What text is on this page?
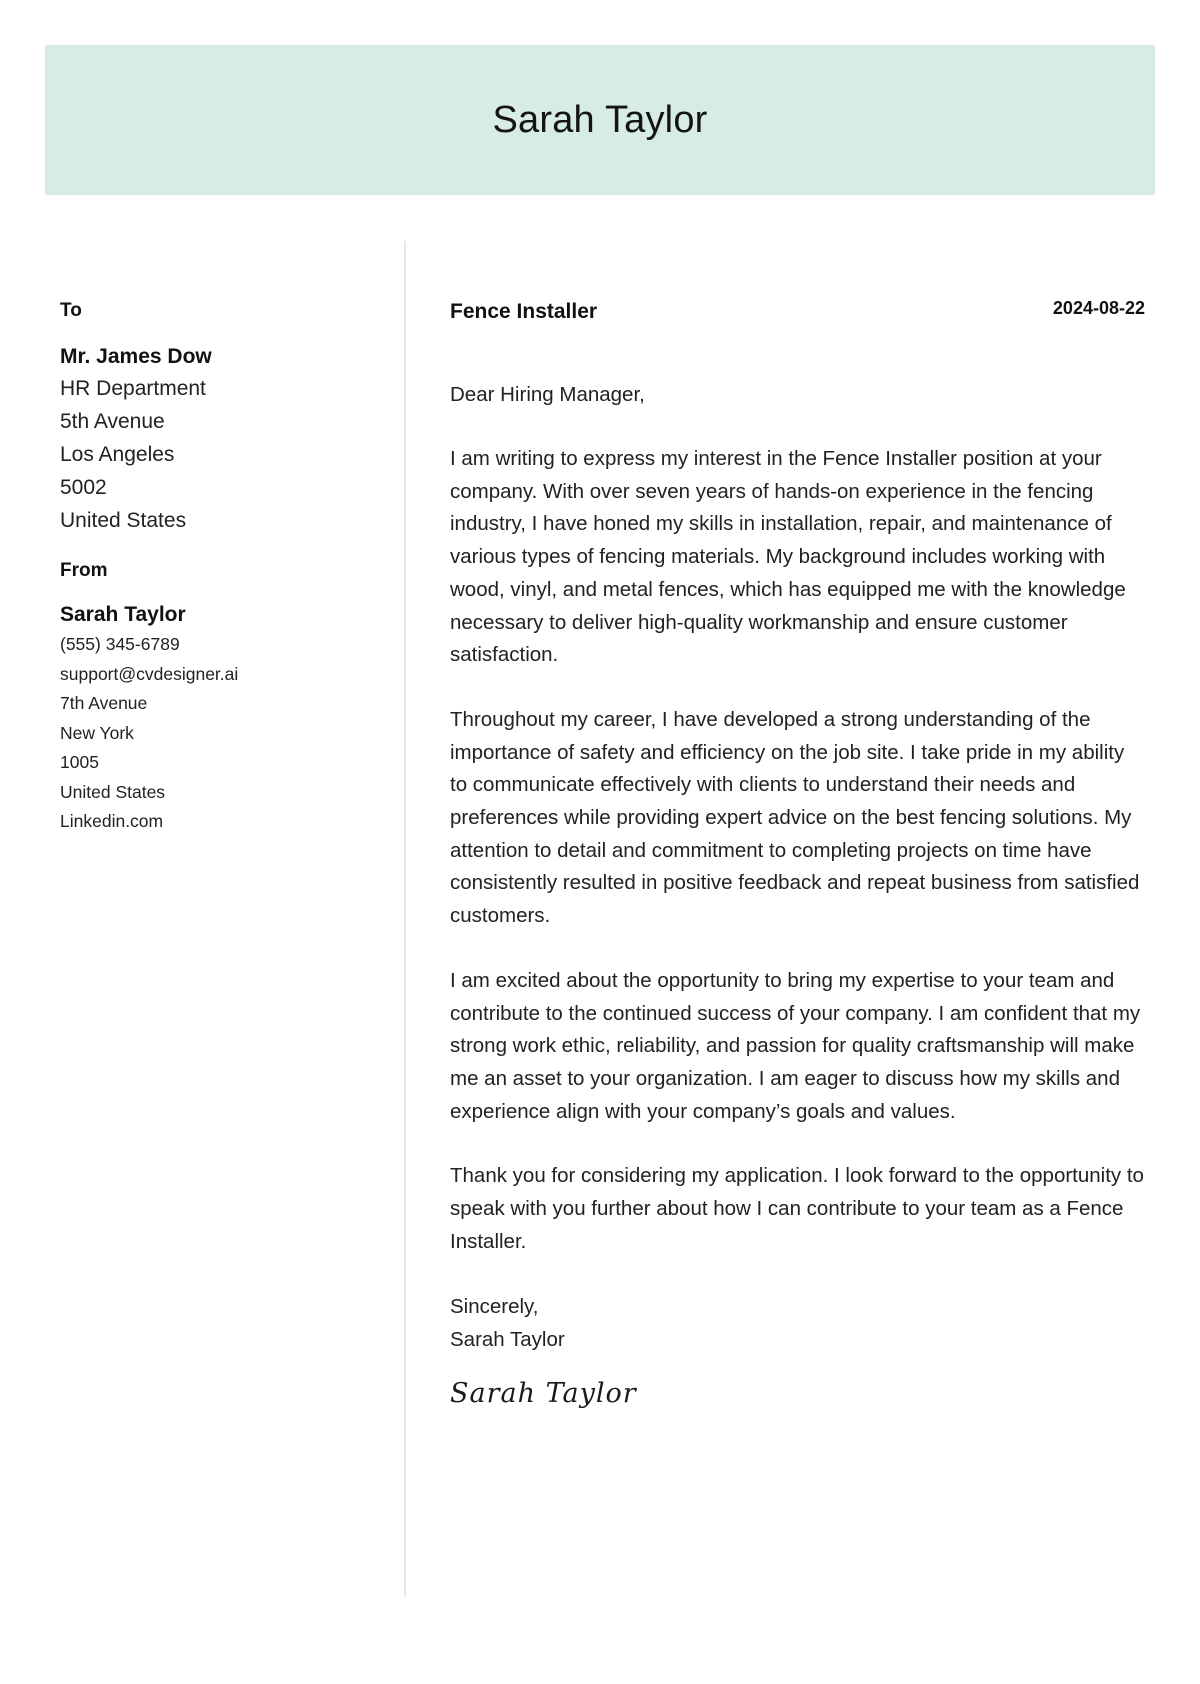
Sarah Taylor
To
Mr. James Dow
HR Department
5th Avenue
Los Angeles
5002
United States
From
Sarah Taylor
(555) 345-6789
support@cvdesigner.ai
7th Avenue
New York
1005
United States
Linkedin.com
Fence Installer	2024-08-22
Dear Hiring Manager,
I am writing to express my interest in the Fence Installer position at your company. With over seven years of hands-on experience in the fencing industry, I have honed my skills in installation, repair, and maintenance of various types of fencing materials. My background includes working with wood, vinyl, and metal fences, which has equipped me with the knowledge necessary to deliver high-quality workmanship and ensure customer satisfaction.
Throughout my career, I have developed a strong understanding of the importance of safety and efficiency on the job site. I take pride in my ability to communicate effectively with clients to understand their needs and preferences while providing expert advice on the best fencing solutions. My attention to detail and commitment to completing projects on time have consistently resulted in positive feedback and repeat business from satisfied customers.
I am excited about the opportunity to bring my expertise to your team and contribute to the continued success of your company. I am confident that my strong work ethic, reliability, and passion for quality craftsmanship will make me an asset to your organization. I am eager to discuss how my skills and experience align with your company’s goals and values.
Thank you for considering my application. I look forward to the opportunity to speak with you further about how I can contribute to your team as a Fence Installer.
Sincerely,
Sarah Taylor
Sarah Taylor
